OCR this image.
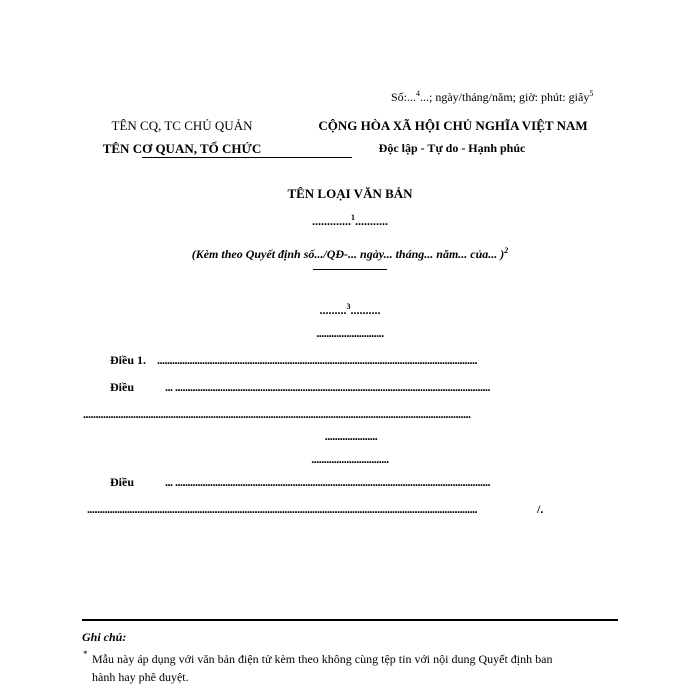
Số:...$^4$...; ngày/tháng/năm; giờ: phút: giây$^5$
TÊN CQ, TC CHỦ QUẢN
TÊN CƠ QUAN, TỔ CHỨC
CỘNG HÒA XÃ HỘI CHỦ NGHĨA VIỆT NAM
Độc lập - Tự do - Hạnh phúc
TÊN LOẠI VĂN BẢN
.............$^1$...........
(Kèm theo Quyết định số.../QĐ-... ngày... tháng... năm... của... )$^2$
.........$^3$..........
...........................
Điều 1. ................................................................................................................................
Điều	... ..............................................................................................................................
...........................................................................................................................................................
.....................
...............................
Điều	... ..............................................................................................................................
............................................................................................................................................................	/.
Ghi chú:
* Mẫu này áp dụng với văn bản điện tử kèm theo không cùng tệp tin với nội dung Quyết định ban
hành hay phê duyệt.
